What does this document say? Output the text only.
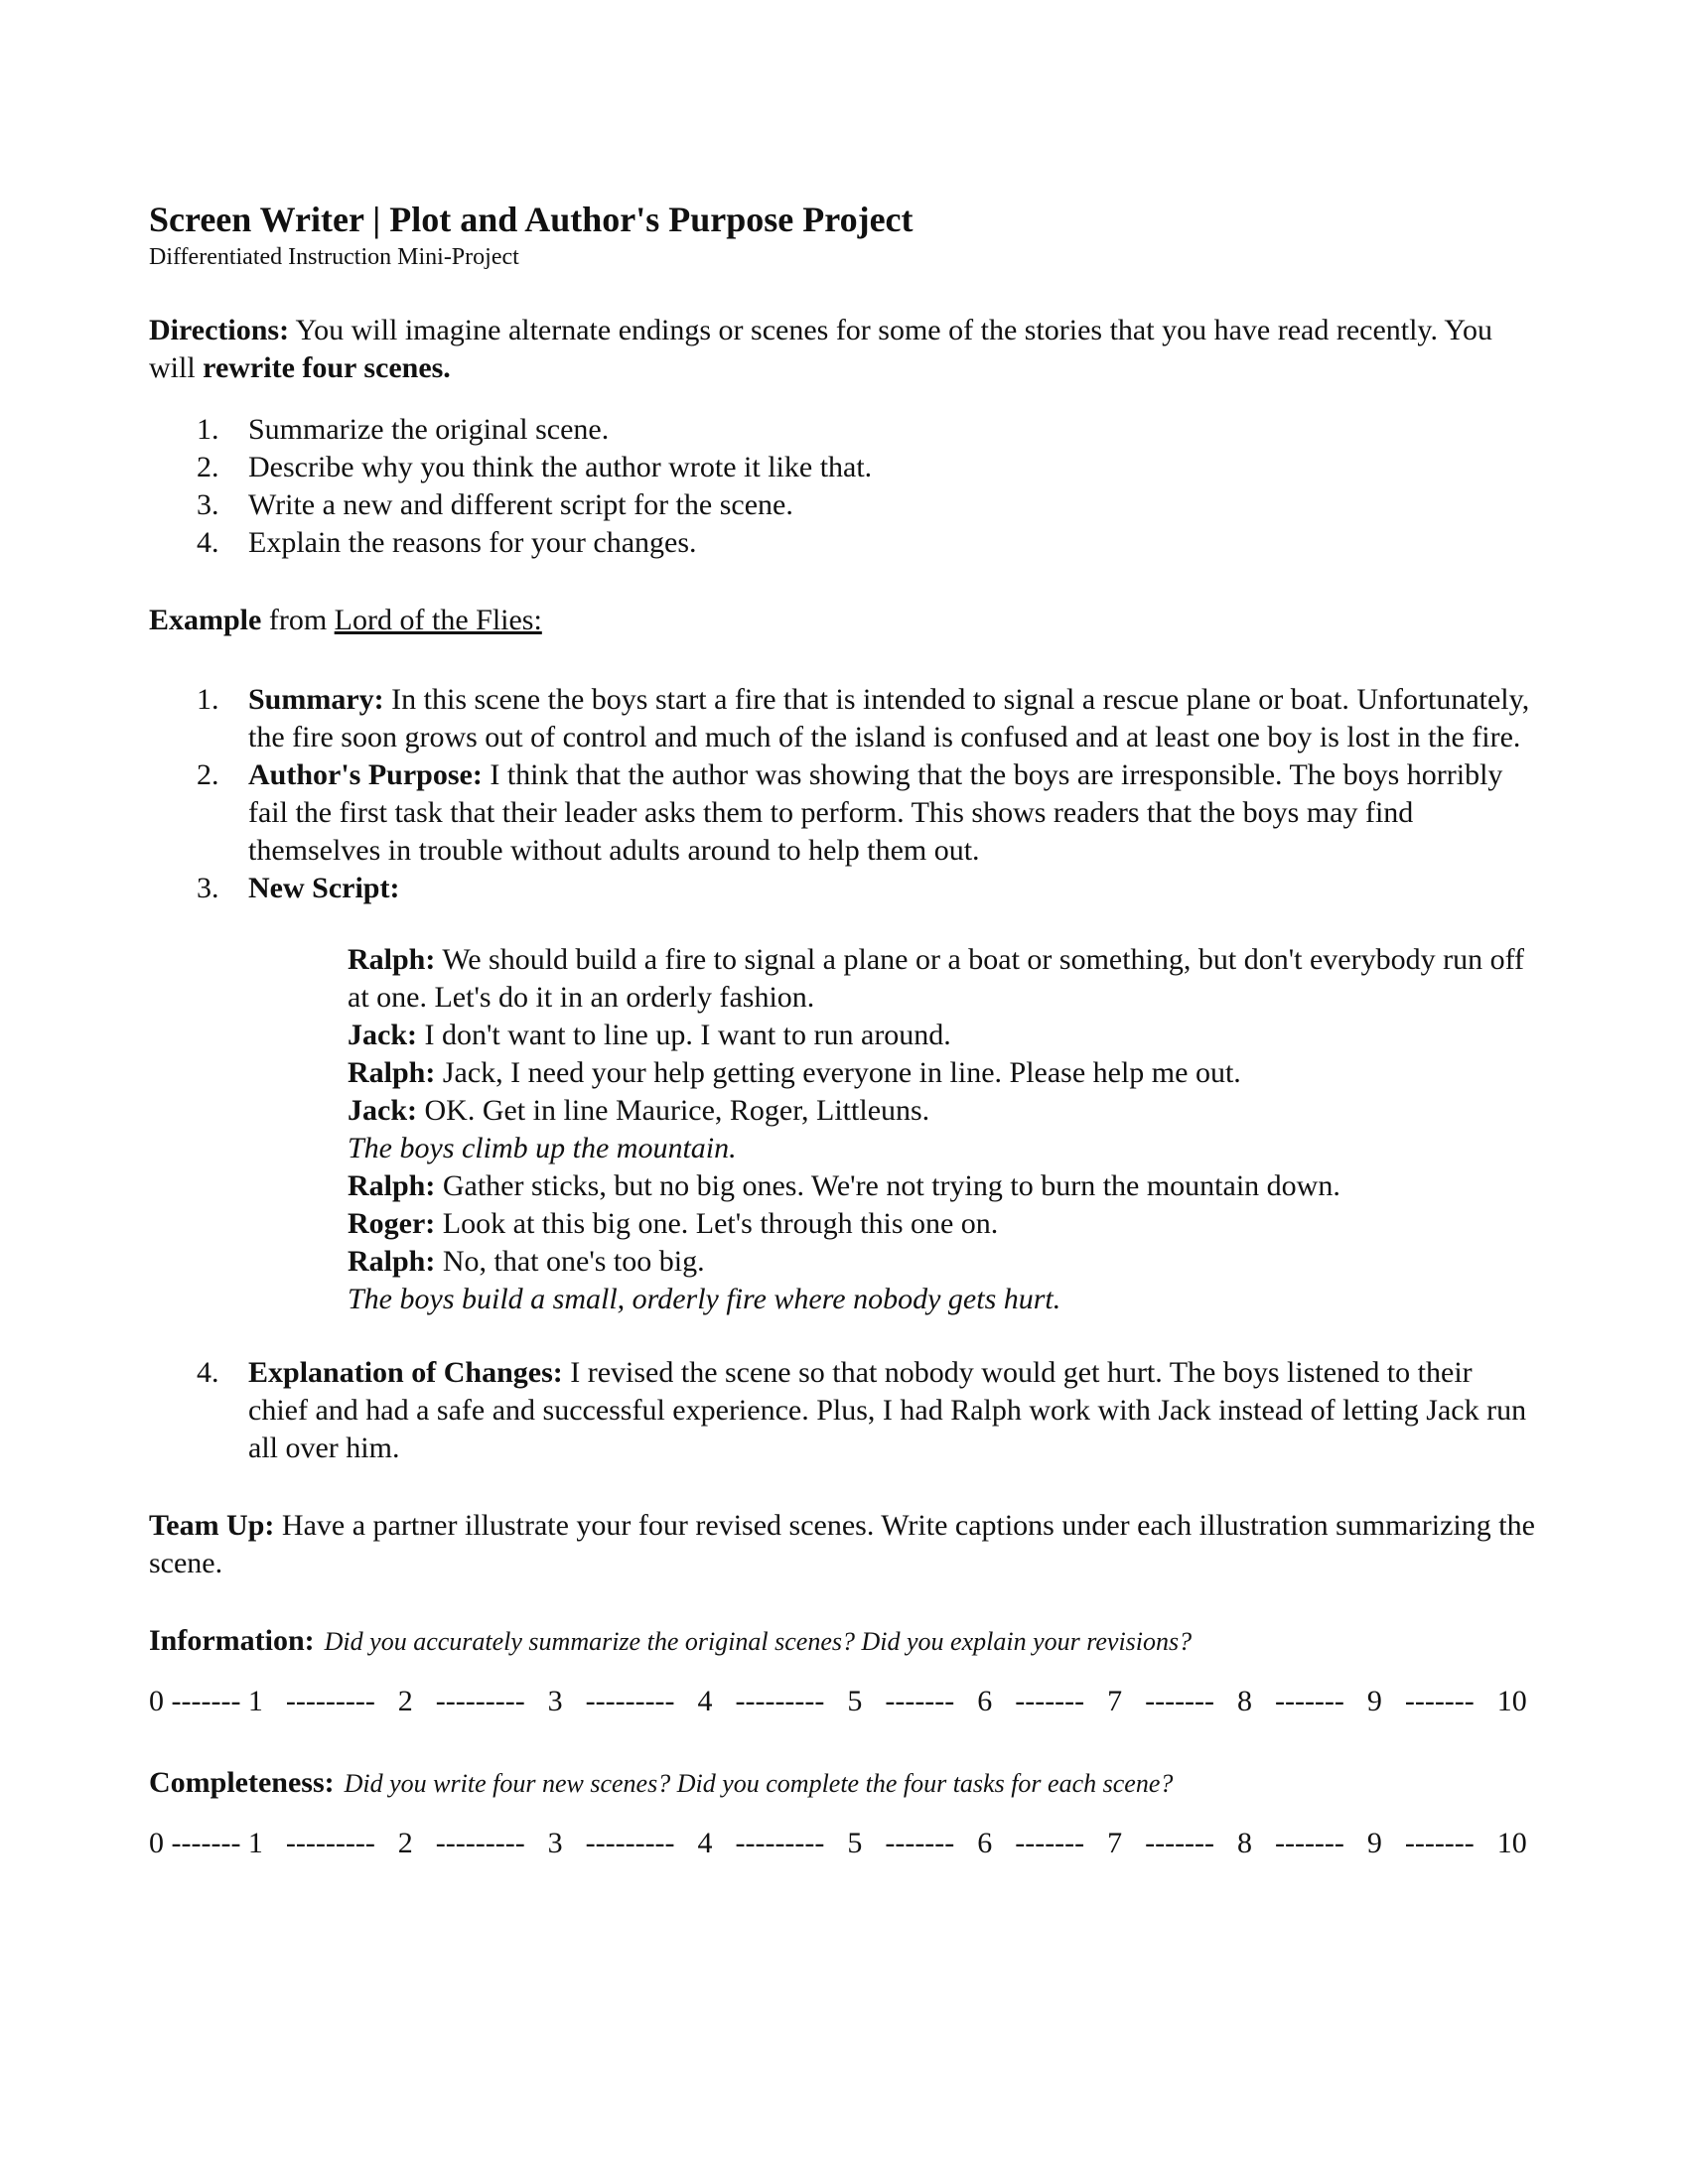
Screen Writer | Plot and Author's Purpose Project
Differentiated Instruction Mini-Project

Directions: You will imagine alternate endings or scenes for some of the stories that you have read recently. You will rewrite four scenes.

1. Summarize the original scene.
2. Describe why you think the author wrote it like that.
3. Write a new and different script for the scene.
4. Explain the reasons for your changes.

Example from Lord of the Flies:

1. Summary: In this scene the boys start a fire that is intended to signal a rescue plane or boat. Unfortunately, the fire soon grows out of control and much of the island is confused and at least one boy is lost in the fire.
2. Author's Purpose: I think that the author was showing that the boys are irresponsible. The boys horribly fail the first task that their leader asks them to perform. This shows readers that the boys may find themselves in trouble without adults around to help them out.
3. New Script:
Ralph: We should build a fire to signal a plane or a boat or something, but don't everybody run off at one. Let's do it in an orderly fashion.
Jack: I don't want to line up. I want to run around.
Ralph: Jack, I need your help getting everyone in line. Please help me out.
Jack: OK. Get in line Maurice, Roger, Littleuns.
The boys climb up the mountain.
Ralph: Gather sticks, but no big ones. We're not trying to burn the mountain down.
Roger: Look at this big one. Let's through this one on.
Ralph: No, that one's too big.
The boys build a small, orderly fire where nobody gets hurt.
4. Explanation of Changes: I revised the scene so that nobody would get hurt. The boys listened to their chief and had a safe and successful experience. Plus, I had Ralph work with Jack instead of letting Jack run all over him.

Team Up: Have a partner illustrate your four revised scenes. Write captions under each illustration summarizing the scene.

Information: Did you accurately summarize the original scenes? Did you explain your revisions?

0 ------- 1 --------- 2 --------- 3 --------- 4 --------- 5 ------- 6 ------- 7 ------- 8 ------- 9 ------- 10

Completeness: Did you write four new scenes? Did you complete the four tasks for each scene?

0 ------- 1 --------- 2 --------- 3 --------- 4 --------- 5 ------- 6 ------- 7 ------- 8 ------- 9 ------- 10
